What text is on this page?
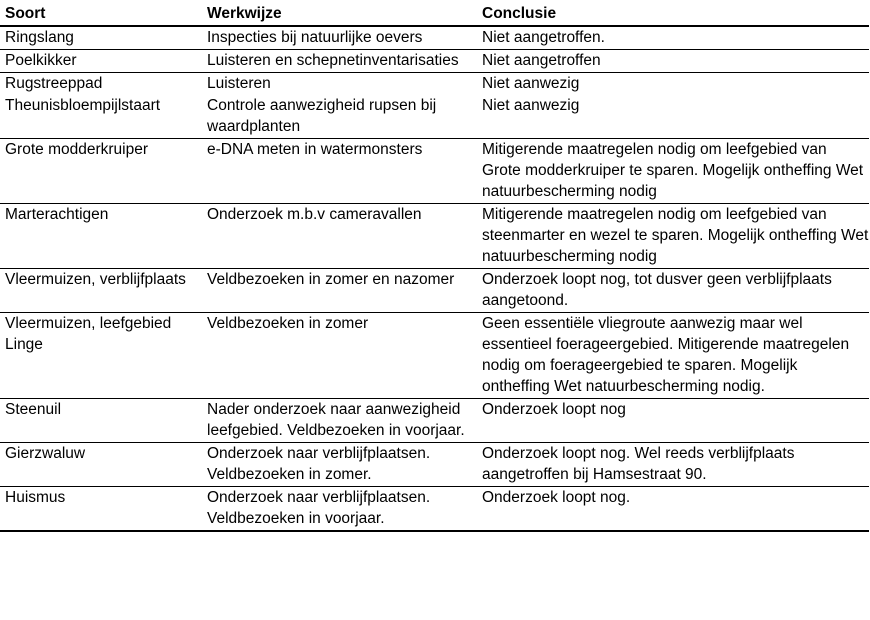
Soort	Werkwijze	Conclusie
Ringslang	Inspecties bij natuurlijke oevers	Niet aangetroffen.
Poelkikker	Luisteren en schepnetinventarisaties	Niet aangetroffen
Rugstreeppad	Luisteren	Niet aanwezig
Theunisbloempijlstaart	Controle aanwezigheid rupsen bij waardplanten	Niet aanwezig
Grote modderkruiper	e-DNA meten in watermonsters	Mitigerende maatregelen nodig om leefgebied van Grote modderkruiper te sparen. Mogelijk ontheffing Wet natuurbescherming nodig
Marterachtigen	Onderzoek m.b.v cameravallen	Mitigerende maatregelen nodig om leefgebied van steenmarter en wezel te sparen. Mogelijk ontheffing Wet natuurbescherming nodig
Vleermuizen, verblijfplaats	Veldbezoeken in zomer en nazomer	Onderzoek loopt nog, tot dusver geen verblijfplaats aangetoond.
Vleermuizen, leefgebied Linge	Veldbezoeken in zomer	Geen essentiële vliegroute aanwezig maar wel essentieel foerageergebied. Mitigerende maatregelen nodig om foerageergebied te sparen. Mogelijk ontheffing Wet natuurbescherming nodig.
Steenuil	Nader onderzoek naar aanwezigheid leefgebied. Veldbezoeken in voorjaar.	Onderzoek loopt nog
Gierzwaluw	Onderzoek naar verblijfplaatsen. Veldbezoeken in zomer.	Onderzoek loopt nog. Wel reeds verblijfplaats aangetroffen bij Hamsestraat 90.
Huismus	Onderzoek naar verblijfplaatsen. Veldbezoeken in voorjaar.	Onderzoek loopt nog.
